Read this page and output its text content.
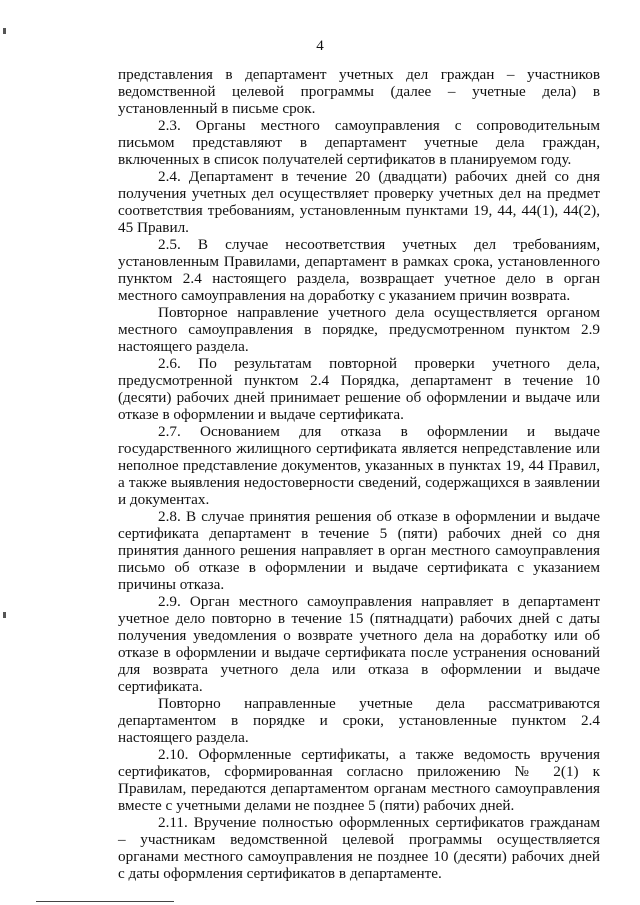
4

представления в департамент учетных дел граждан – участников ведомственной целевой программы (далее – учетные дела) в установленный в письме срок.

2.3. Органы местного самоуправления с сопроводительным письмом представляют в департамент учетные дела граждан, включенных в список получателей сертификатов в планируемом году.

2.4. Департамент в течение 20 (двадцати) рабочих дней со дня получения учетных дел осуществляет проверку учетных дел на предмет соответствия требованиям, установленным пунктами 19, 44, 44(1), 44(2), 45 Правил.

2.5. В случае несоответствия учетных дел требованиям, установленным Правилами, департамент в рамках срока, установленного пунктом 2.4 настоящего раздела, возвращает учетное дело в орган местного самоуправления на доработку с указанием причин возврата.

Повторное направление учетного дела осуществляется органом местного самоуправления в порядке, предусмотренном пунктом 2.9 настоящего раздела.

2.6. По результатам повторной проверки учетного дела, предусмотренной пунктом 2.4 Порядка, департамент в течение 10 (десяти) рабочих дней принимает решение об оформлении и выдаче или отказе в оформлении и выдаче сертификата.

2.7. Основанием для отказа в оформлении и выдаче государственного жилищного сертификата является непредставление или неполное представление документов, указанных в пунктах 19, 44 Правил, а также выявления недостоверности сведений, содержащихся в заявлении и документах.

2.8. В случае принятия решения об отказе в оформлении и выдаче сертификата департамент в течение 5 (пяти) рабочих дней со дня принятия данного решения направляет в орган местного самоуправления письмо об отказе в оформлении и выдаче сертификата с указанием причины отказа.

2.9. Орган местного самоуправления направляет в департамент учетное дело повторно в течение 15 (пятнадцати) рабочих дней с даты получения уведомления о возврате учетного дела на доработку или об отказе в оформлении и выдаче сертификата после устранения оснований для возврата учетного дела или отказа в оформлении и выдаче сертификата.

Повторно направленные учетные дела рассматриваются департаментом в порядке и сроки, установленные пунктом 2.4 настоящего раздела.

2.10. Оформленные сертификаты, а также ведомость вручения сертификатов, сформированная согласно приложению № 2(1) к Правилам, передаются департаментом органам местного самоуправления вместе с учетными делами не позднее 5 (пяти) рабочих дней.

2.11. Вручение полностью оформленных сертификатов гражданам – участникам ведомственной целевой программы осуществляется органами местного самоуправления не позднее 10 (десяти) рабочих дней с даты оформления сертификатов в департаменте.
